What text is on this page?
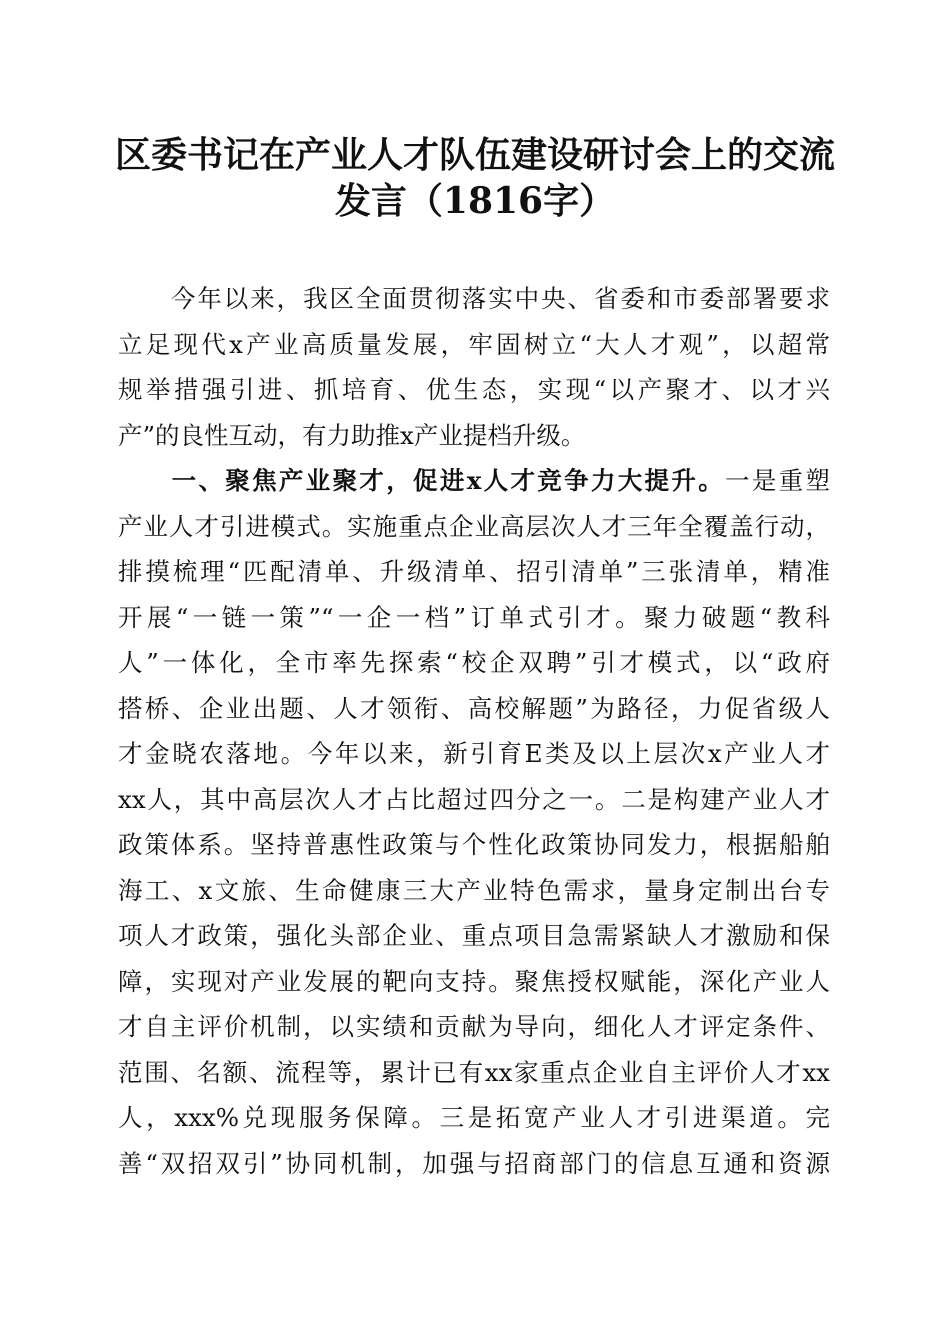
区委书记在产业人才队伍建设研讨会上的交流
发言（1816字）
　　今年以来，我区全面贯彻落实中央、省委和市委部署要求
立足现代x产业高质量发展，牢固树立“大人才观”，以超常
规举措强引进、抓培育、优生态，实现“以产聚才、以才兴
产”的良性互动，有力助推x产业提档升级。
　　一、聚焦产业聚才，促进x人才竞争力大提升。一是重塑
产业人才引进模式。实施重点企业高层次人才三年全覆盖行动，
排摸梳理“匹配清单、升级清单、招引清单”三张清单，精准
开展“一链一策”“一企一档”订单式引才。聚力破题“教科
人”一体化，全市率先探索“校企双聘”引才模式，以“政府
搭桥、企业出题、人才领衔、高校解题”为路径，力促省级人
才金晓农落地。今年以来，新引育E类及以上层次x产业人才
xx人，其中高层次人才占比超过四分之一。二是构建产业人才
政策体系。坚持普惠性政策与个性化政策协同发力，根据船舶
海工、x文旅、生命健康三大产业特色需求，量身定制出台专
项人才政策，强化头部企业、重点项目急需紧缺人才激励和保
障，实现对产业发展的靶向支持。聚焦授权赋能，深化产业人
才自主评价机制，以实绩和贡献为导向，细化人才评定条件、
范围、名额、流程等，累计已有xx家重点企业自主评价人才xx
人，xxx%兑现服务保障。三是拓宽产业人才引进渠道。完
善“双招双引”协同机制，加强与招商部门的信息互通和资源
